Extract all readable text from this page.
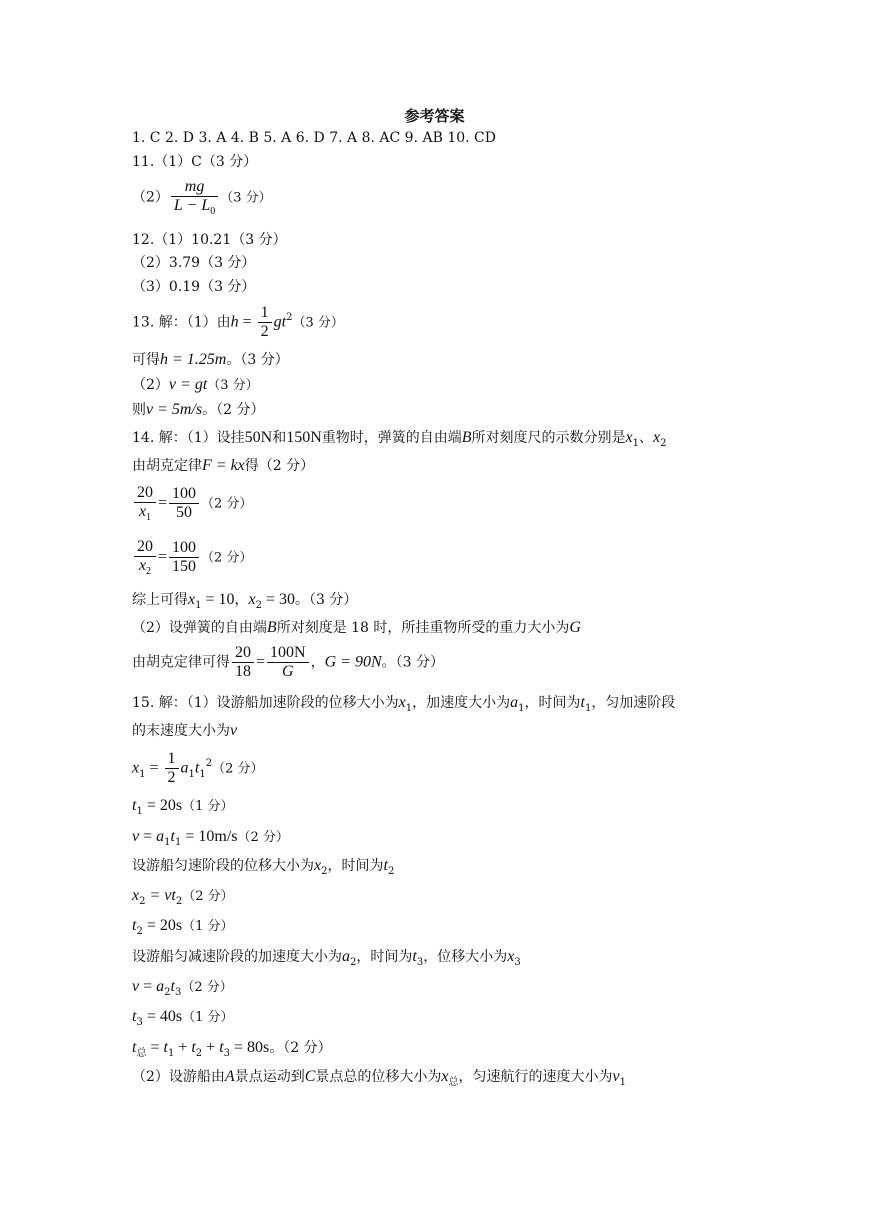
参考答案
1. C 2. D 3. A 4. B 5. A 6. D 7. A 8. AC 9. AB 10. CD
11.（1）C（3 分）
$(2) \frac{mg}{L - L_0} (3$ 分）
12.（1）10.21（3 分）
（2）3.79（3 分）
（3）0.19（3 分）
13. 解：（1）由$h = \frac{1}{2} gt^2(3$ 分）
可得h = 1.25m。（3 分）
（2）v = gt（3 分）
则v = 5m/s。（2 分）
14. 解：（1）设挂50N和150N重物时，弹簧的自由端B所对刻度尺的示数分别是$x_1$、$x_2$
由胡克定律F = kx得（2 分）
$\frac{20}{x_1} = \frac{100}{50} (2$ 分）
$\frac{20}{x_2} = \frac{100}{150} (2$ 分）
综上可得$x_1 = 10$，$x_2 = 30$。（3 分）
（2）设弹簧的自由端B所对刻度是 18 时，所挂重物所受的重力大小为G
由胡克定律可得 $\frac{20}{18} = \frac{100N}{G}$ ，G = 90N。（3 分）
15. 解：（1）设游船加速阶段的位移大小为$x_1$，加速度大小为$a_1$，时间为$t_1$，匀加速阶段
的末速度大小为v
$x_1 = \frac{1}{2} a_1t_1^2(2$ 分）
$t_1 = 20s(1$ 分）
$v = a_1t_1 = 10m/s(2$ 分）
设游船匀速阶段的位移大小为$x_2$，时间为$t_2$
$x_2 = vt_2(2$ 分）
$t_2 = 20s(1$ 分）
设游船匀减速阶段的加速度大小为$a_2$，时间为$t_3$，位移大小为$x_3$
$v = a_2t_3(2$ 分）
$t_3 = 40s(1$ 分）
$t_总 = t_1 + t_2 + t_3 = 80s$。（2 分）
（2）设游船由A景点运动到C景点总的位移大小为$x_总$，匀速航行的速度大小为$v_1$
